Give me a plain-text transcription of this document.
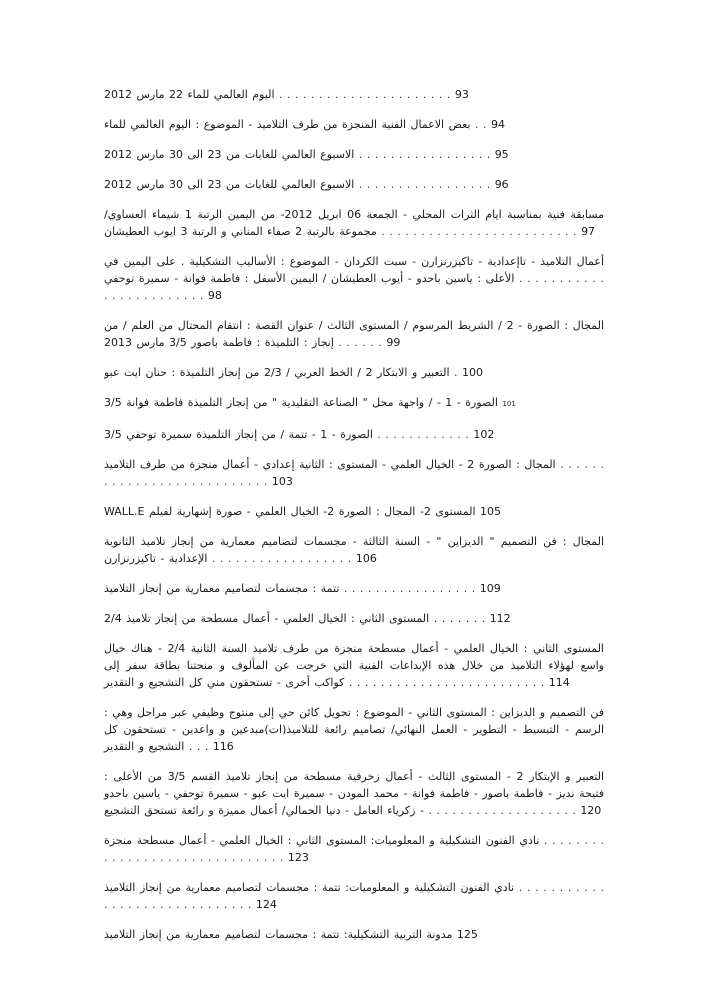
اليوم العالمي للماء 22 مارس 2012 . . . . . . . . . . . . . . . . . . . . . . 93
بعض الاعمال الفنية المنجزة من طرف التلاميذ - الموضوع : اليوم العالمي للماء . . 94
الاسبوع العالمي للغابات من 23 الى 30 مارس 2012 . . . . . . . . . . . . . . . . . 95
الاسبوع العالمي للغابات من 23 الى 30 مارس 2012 . . . . . . . . . . . . . . . . . 96
مسابقة فنية بمناسبة ايام الثرات المحلي - الجمعة 06 ابريل 2012- من اليمين الرتبة 1 شيماء العساوي/ مجموعة بالرتبة 2 صفاء المناني و الرتبة 3 ايوب العطيشان . . . . . . . . . . . . . . . . . . . . . . . . . 97
أعمال التلاميذ - تاإعدادية - تاكيزرنزارن - سبت الكردان - الموضوع : الأساليب التشكيلية . على اليمين في الأعلى : ياسين باحدو - أيوب العطيشان / اليمين الأسفل : فاطمة فوانة - سميرة توحفي . . . . . . . . . . . . . . . . . . . . . . . . 98
المجال : الصورة - 2 / الشريط المرسوم / المستوى الثالث / عنوان القصة : انتقام المحتال من العلم / من إنجاز : التلميذة : فاطمة باصور 3/5 مارس 2013 . . . . . . 99
التعبير و الابتكار 2 / الخط العربي / 2/3 من إنجاز التلميذة : حنان ايت عبو . 100
الصورة - 1 - / واجهة محل " الصناعة التقليدية " من إنجاز التلميذة فاطمة فوانة 3/5 101
الصورة - 1 - تتمة / من إنجاز التلميذة سميرة توحفي 3/5 . . . . . . . . . . . . 102
المجال : الصورة 2 - الخيال العلمي - المستوى : الثانية إعدادي - أعمال منجزة من طرف التلاميذ . . . . . . . . . . . . . . . . . . . . . . . . . . . 103
المستوى 2- المجال : الصورة 2- الخيال العلمي - صورة إشهارية لفيلم WALL.E 105
المجال : فن التصميم " الديزاين " - السنة الثالثة - مجسمات لتصاميم معمارية من إنجاز تلاميذ الثانوية الإعدادية - تاكيزرنزارن . . . . . . . . . . . . . . . . . . 106
تتمة : مجسمات لتصاميم معمارية من إنجاز التلاميذ . . . . . . . . . . . . . . . . . 109
المستوى الثاني : الخيال العلمي - أعمال مسطحة من إنجاز تلاميذ 2/4 . . . . . . . 112
المستوى الثاني : الخيال العلمي - أعمال مسطحة منجزة من طرف تلاميذ السنة الثانية 2/4 - هناك خيال واسع لهؤلاء التلاميذ من خلال هذه الإبداعات الفنية التي خرجت عن المألوف و منحتنا بطاقة سفر إلى كواكب أخرى - تستحقون مني كل التشجيع و التقدير . . . . . . . . . . . . . . . . . . . . . . . . . 114
فن التصميم و الديزاين : المستوى الثاني - الموضوع : تحويل كائن حي إلى منتوج وظيفي عبر مراحل وهي : الرسم - التبسيط - التطوير - العمل النهائي/ تصاميم رائعة للتلاميذ(ات)مبدعين و واعدين - تستحقون كل التشجيع و التقدير . . . 116
التعبير و الإبتكار 2 - المستوى الثالث - أعمال زخرفية مسطحة من إنجاز تلاميذ القسم 3/5 من الأعلى : فتيحة نديز - فاطمة باصور - فاطمة فوانة - محمد المودن - سميرة ايت عبو - سميرة توحفي - ياسين باحدو - زكرياء العامل - دنيا الحمالي/ أعمال مميزة و رائعة تستحق التشجيع . . . . . . . . . . . . . . . . . . . 120
نادي الفنون التشكيلية و المعلوميات: المستوى الثاني : الخيال العلمي - أعمال مسطحة منجزة . . . . . . . . . . . . . . . . . . . . . . . . . . . . . . . 123
نادي الفنون التشكيلية و المعلوميات: تتمة : مجسمات لتصاميم معمارية من إنجاز التلاميذ . . . . . . . . . . . . . . . . . . . . . . . . . . . . . . 124
مدونة التربية التشكيلية: تتمة : مجسمات لتصاميم معمارية من إنجاز التلاميذ 125
